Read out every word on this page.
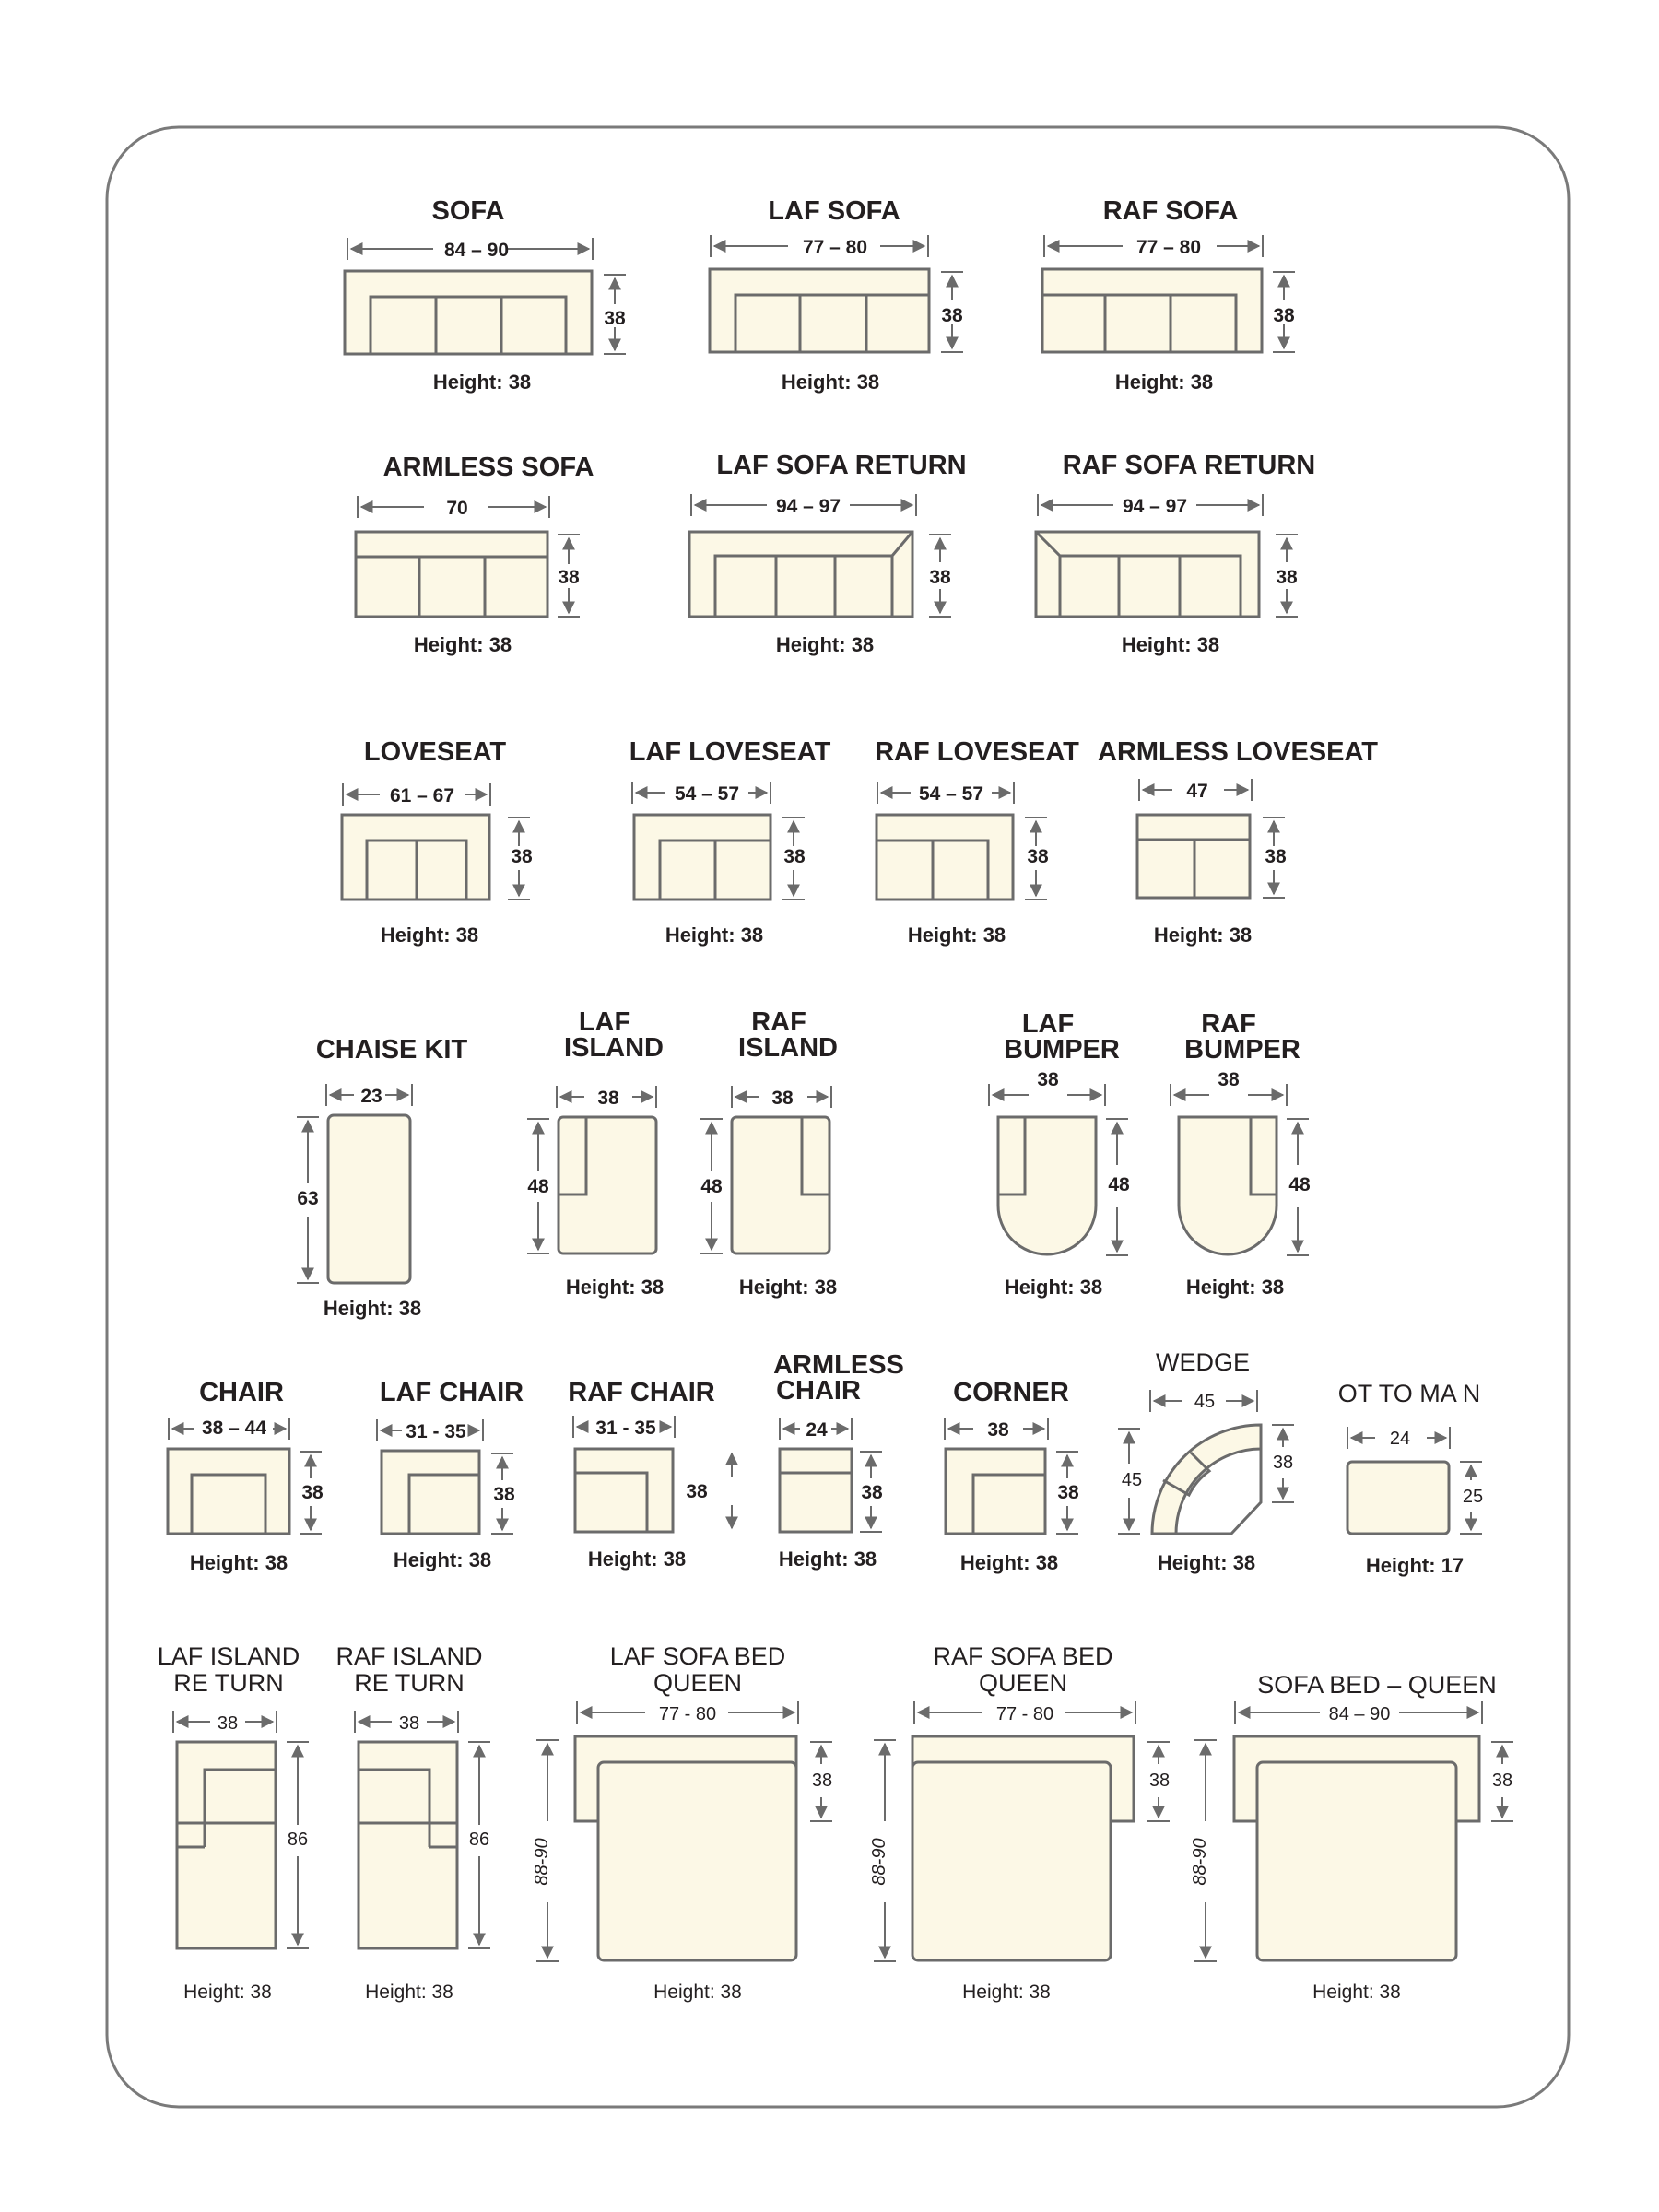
SOFA
84 – 90
38
Height: 38
LAF SOFA
77 – 80
38
Height: 38
RAF SOFA
77 – 80
38
Height: 38
ARMLESS SOFA
70
38
Height: 38
LAF SOFA RETURN
94 – 97
38
Height: 38
RAF SOFA RETURN
94 – 97
38
Height: 38
LOVESEAT
61 – 67
38
Height: 38
LAF LOVESEAT
54 – 57
38
Height: 38
RAF LOVESEAT
54 – 57
38
Height: 38
ARMLESS LOVESEAT
47
38
Height: 38
CHAISE KIT
23
63
Height: 38
LAF
ISLAND
38
48
Height: 38
RAF
ISLAND
38
48
Height: 38
LAF
BUMPER
38
48
Height: 38
RAF
BUMPER
38
48
Height: 38
CHAIR
38 – 44
38
Height: 38
LAF CHAIR
31 - 35
38
Height: 38
RAF CHAIR
31 - 35
38
Height: 38
ARMLESS
CHAIR
24
38
Height: 38
CORNER
38
38
Height: 38
WEDGE
45
45
38
Height: 38
OT TO MA N
24
25
Height: 17
LAF ISLAND
RE TURN
38
86
Height: 38
RAF ISLAND
RE TURN
38
86
Height: 38
LAF SOFA BED
QUEEN
77 - 80
38
88-90
Height: 38
RAF SOFA BED
QUEEN
77 - 80
38
88-90
Height: 38
SOFA BED – QUEEN
84 – 90
38
88-90
Height: 38
